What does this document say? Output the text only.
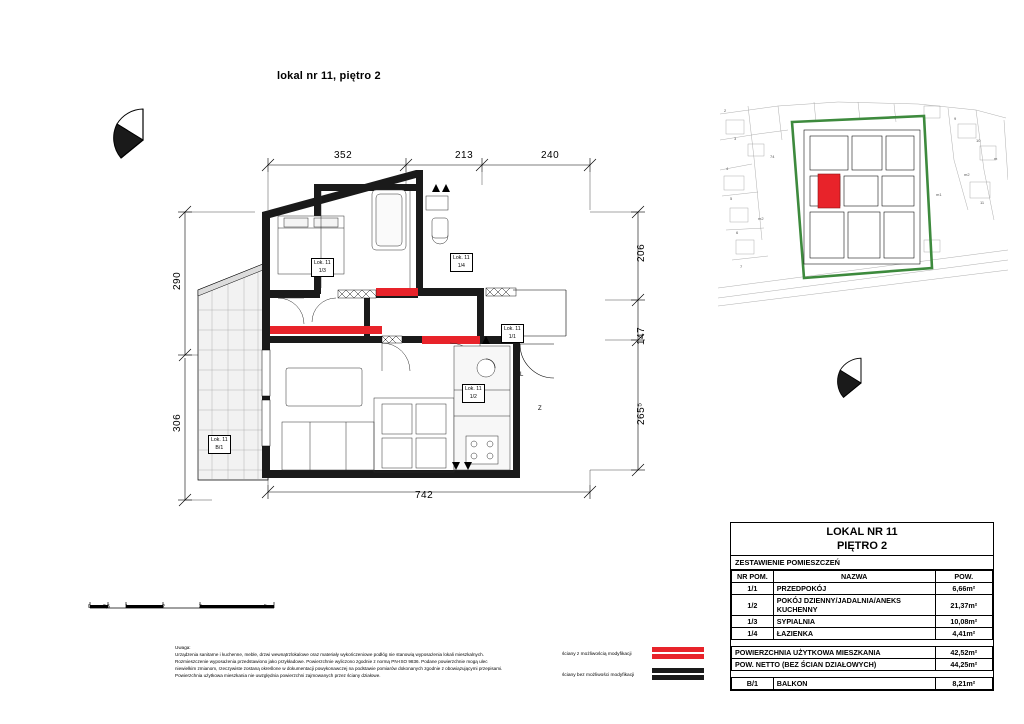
lokal nr 11, piętro 2
352	213	240
742
290
306
206
147
265⁵
Lok. 11
1/3
Lok. 11
1/4
Lok. 11
1/1
Lok. 11
1/2
Lok. 11
B/1
L
Z
0 0,5	1	2	3	5m
Uwaga:
Urządzenia sanitarne i kuchenne, meble, drzwi wewnątrzlokalowe oraz materiały wykończeniowe podłóg nie stanowią wyposażenia lokali mieszkalnych.
Rozmieszczenie wyposażenia przedstawiono jako przykładowe. Powierzchnie wyliczono zgodnie z normą PN-ISO 9836. Podane powierzchnie mogą ulec
niewielkim zmianom, rzeczywiste zostaną określone w dokumentacji powykonawczej na podstawie pomiarów dokonanych zgodnie z obowiązującymi przepisami.
Powierzchnia użytkowa mieszkania nie uwzględnia powierzchni zajmowanych przez ściany działowe.
ściany z możliwością modyfikacji
ściany bez możliwości modyfikacji
2
3
4
5
6
7
9
10
m2
11
m2
74
m1
m
LOKAL NR 11
PIĘTRO 2
ZESTAWIENIE POMIESZCZEŃ
NR POM.	NAZWA	POW.
1/1	PRZEDPOKÓJ	6,66m²
1/2	POKÓJ DZIENNY/JADALNIA/ANEKS KUCHENNY	21,37m²
1/3	SYPIALNIA	10,08m²
1/4	ŁAZIENKA	4,41m²
POWIERZCHNIA UŻYTKOWA MIESZKANIA	42,52m²
POW. NETTO (BEZ ŚCIAN DZIAŁOWYCH)	44,25m²
B/1	BALKON	8,21m²
